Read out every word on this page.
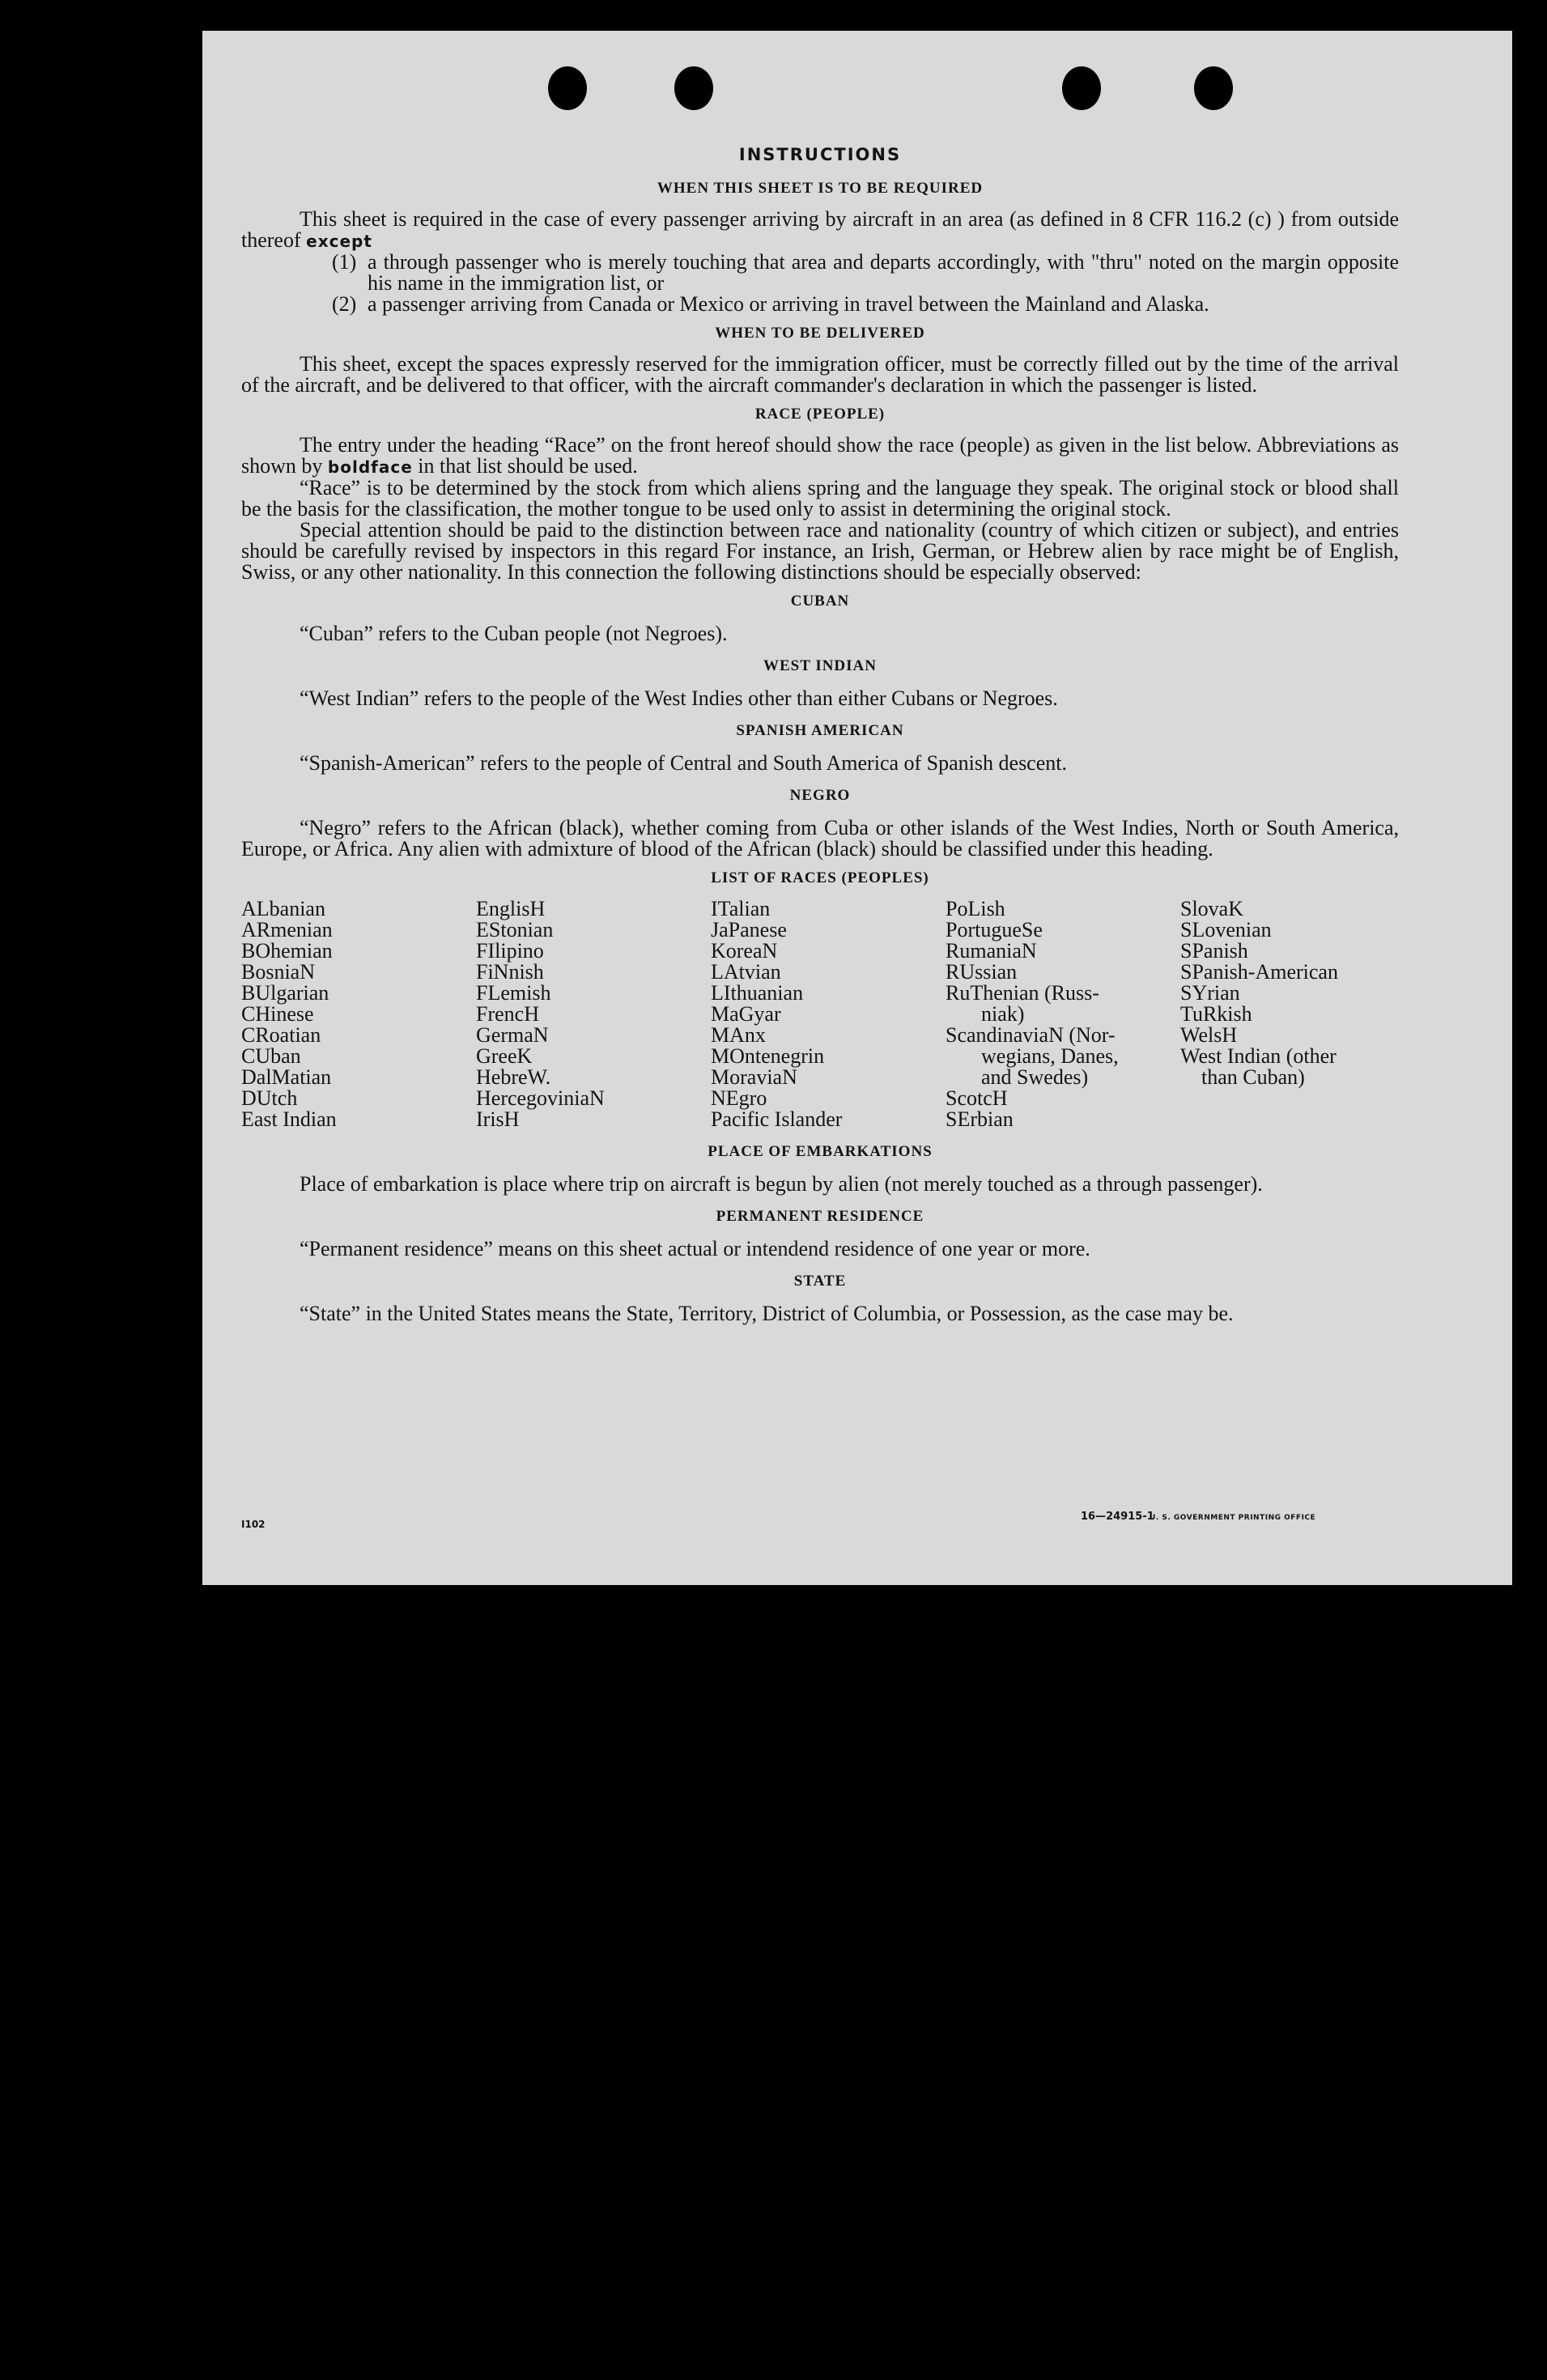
INSTRUCTIONS
WHEN THIS SHEET IS TO BE REQUIRED

This sheet is required in the case of every passenger arriving by aircraft in an area (as defined in 8 CFR 116.2 (c) ) from outside thereof except

(1) a through passenger who is merely touching that area and departs accordingly, with "thru" noted on the margin opposite his name in the immigration list, or
(2) a passenger arriving from Canada or Mexico or arriving in travel between the Mainland and Alaska.
WHEN TO BE DELIVERED

This sheet, except the spaces expressly reserved for the immigration officer, must be correctly filled out by the time of the arrival of the aircraft, and be delivered to that officer, with the aircraft commander's declaration in which the passenger is listed.

RACE (PEOPLE)

The entry under the heading “Race” on the front hereof should show the race (people) as given in the list below. Abbreviations as shown by boldface in that list should be used.

“Race” is to be determined by the stock from which aliens spring and the language they speak. The original stock or blood shall be the basis for the classification, the mother tongue to be used only to assist in determining the original stock.

Special attention should be paid to the distinction between race and nationality (country of which citizen or subject), and entries should be carefully revised by inspectors in this regard For instance, an Irish, German, or Hebrew alien by race might be of English, Swiss, or any other nationality. In this connection the following distinctions should be especially observed:

CUBAN

“Cuban” refers to the Cuban people (not Negroes).

WEST INDIAN

“West Indian” refers to the people of the West Indies other than either Cubans or Negroes.

SPANISH AMERICAN

“Spanish-American” refers to the people of Central and South America of Spanish descent.

NEGRO

“Negro” refers to the African (black), whether coming from Cuba or other islands of the West Indies, North or South America, Europe, or Africa. Any alien with admixture of blood of the African (black) should be classified under this heading.

LIST OF RACES (PEOPLES)
ALbanian
ARmenian
BOhemian
BosniaN
BUlgarian
CHinese
CRoatian
CUban
DalMatian
DUtch
East Indian
EnglisH
EStonian
FIlipino
FiNnish
FLemish
FrencH
GermaN
GreeK
HebreW.
HercegoviniaN
IrisH
ITalian
JaPanese
KoreaN
LAtvian
LIthuanian
MaGyar
MAnx
MOntenegrin
MoraviaN
NEgro
Pacific Islander
PoLish
PortugueSe
RumaniaN
RUssian
RuThenian (Russ-
niak)
ScandinaviaN (Nor-
wegians, Danes,
and Swedes)
ScotcH
SErbian
SlovaK
SLovenian
SPanish
SPanish-American
SYrian
TuRkish
WelsH
West Indian (other
than Cuban)
PLACE OF EMBARKATIONS

Place of embarkation is place where trip on aircraft is begun by alien (not merely touched as a through passenger).

PERMANENT RESIDENCE

“Permanent residence” means on this sheet actual or intendend residence of one year or more.

STATE

“State” in the United States means the State, Territory, District of Columbia, or Possession, as the case may be.

I102
16—24915-1
U. S. GOVERNMENT PRINTING OFFICE
